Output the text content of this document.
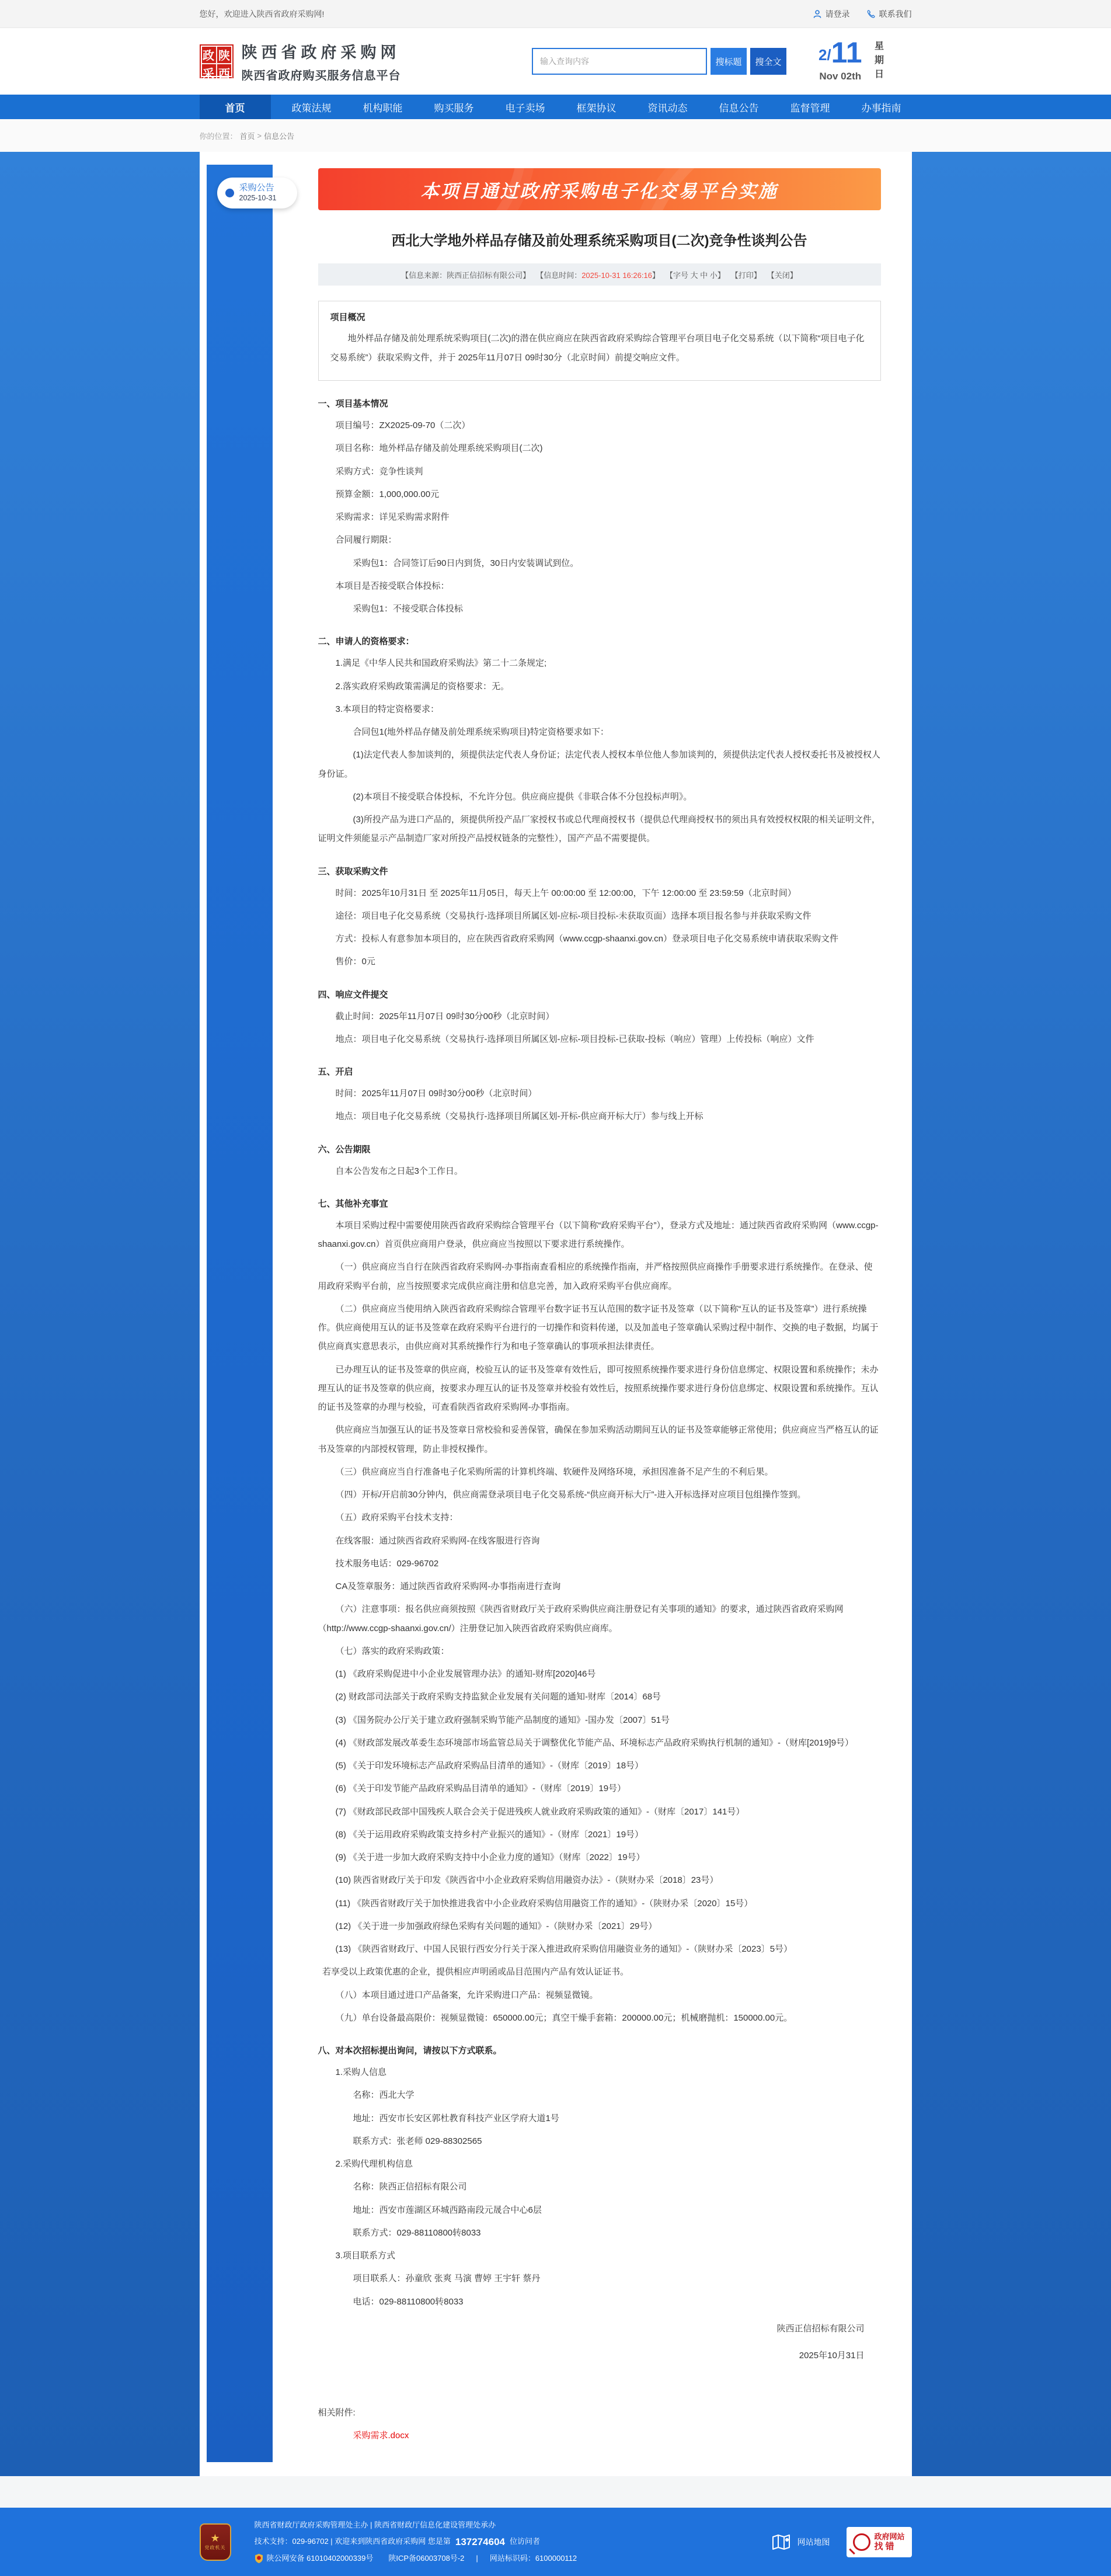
您好，欢迎进入陕西省政府采购网!	请登录	联系我们
政 陕
采 西
陕西省政府采购网
陕西省政府购买服务信息平台
输入查询内容
搜标题	搜全文	2/ 11
Nov 02th 星期日
首页	政策法规	机构职能	购买服务	电子卖场	框架协议	资讯动态	信息公告	监督管理	办事指南
你的位置： 首页 > 信息公告
采购公告
2025-10-31	本项目通过政府采购电子化交易平台实施
西北大学地外样品存储及前处理系统采购项目(二次)竞争性谈判公告
【信息来源：陕西正信招标有限公司】 【信息时间：2025-10-31 16:26:16】 【字号 大 中 小】 【打印】 【关闭】
项目概况
地外样品存储及前处理系统采购项目(二次)的潜在供应商应在陕西省政府采购综合管理平台项目电子化交易系统（以下简称“项目电子化交易系统”）获取采购文件，并于 2025年11月07日 09时30分（北京时间）前提交响应文件。
一、项目基本情况
项目编号：ZX2025-09-70（二次）
项目名称：地外样品存储及前处理系统采购项目(二次)
采购方式：竞争性谈判
预算金额：1,000,000.00元
采购需求：详见采购需求附件
合同履行期限：
采购包1：合同签订后90日内到货，30日内安装调试到位。
本项目是否接受联合体投标：
采购包1：不接受联合体投标
二、申请人的资格要求：
1.满足《中华人民共和国政府采购法》第二十二条规定;
2.落实政府采购政策需满足的资格要求：无。
3.本项目的特定资格要求：
合同包1(地外样品存储及前处理系统采购项目)特定资格要求如下：
(1)法定代表人参加谈判的，须提供法定代表人身份证；法定代表人授权本单位他人参加谈判的，须提供法定代表人授权委托书及被授权人身份证。
(2)本项目不接受联合体投标，不允许分包。供应商应提供《非联合体不分包投标声明》。
(3)所投产品为进口产品的，须提供所投产品厂家授权书或总代理商授权书（提供总代理商授权书的须出具有效授权权限的相关证明文件，证明文件须能显示产品制造厂家对所投产品授权链条的完整性），国产产品不需要提供。
三、获取采购文件
时间：2025年10月31日 至 2025年11月05日，每天上午 00:00:00 至 12:00:00，下午 12:00:00 至 23:59:59（北京时间）
途径：项目电子化交易系统（交易执行-选择项目所属区划-应标-项目投标-未获取页面）选择本项目报名参与并获取采购文件
方式：投标人有意参加本项目的，应在陕西省政府采购网（www.ccgp-shaanxi.gov.cn）登录项目电子化交易系统申请获取采购文件
售价：0元
四、响应文件提交
截止时间：2025年11月07日 09时30分00秒（北京时间）
地点：项目电子化交易系统（交易执行-选择项目所属区划-应标-项目投标-已获取-投标（响应）管理）上传投标（响应）文件
五、开启
时间：2025年11月07日 09时30分00秒（北京时间）
地点：项目电子化交易系统（交易执行-选择项目所属区划-开标-供应商开标大厅）参与线上开标
六、公告期限
自本公告发布之日起3个工作日。
七、其他补充事宜
本项目采购过程中需要使用陕西省政府采购综合管理平台（以下简称“政府采购平台”），登录方式及地址：通过陕西省政府采购网（www.ccgp-shaanxi.gov.cn）首页供应商用户登录，供应商应当按照以下要求进行系统操作。
（一）供应商应当自行在陕西省政府采购网-办事指南查看相应的系统操作指南，并严格按照供应商操作手册要求进行系统操作。在登录、使用政府采购平台前，应当按照要求完成供应商注册和信息完善，加入政府采购平台供应商库。
（二）供应商应当使用纳入陕西省政府采购综合管理平台数字证书互认范围的数字证书及签章（以下简称“互认的证书及签章”）进行系统操作。供应商使用互认的证书及签章在政府采购平台进行的一切操作和资料传递，以及加盖电子签章确认采购过程中制作、交换的电子数据，均属于供应商真实意思表示，由供应商对其系统操作行为和电子签章确认的事项承担法律责任。
已办理互认的证书及签章的供应商，校验互认的证书及签章有效性后，即可按照系统操作要求进行身份信息绑定、权限设置和系统操作；未办理互认的证书及签章的供应商，按要求办理互认的证书及签章并校验有效性后，按照系统操作要求进行身份信息绑定、权限设置和系统操作。互认的证书及签章的办理与校验，可查看陕西省政府采购网-办事指南。
供应商应当加强互认的证书及签章日常校验和妥善保管，确保在参加采购活动期间互认的证书及签章能够正常使用；供应商应当严格互认的证书及签章的内部授权管理，防止非授权操作。
（三）供应商应当自行准备电子化采购所需的计算机终端、软硬件及网络环境，承担因准备不足产生的不利后果。
（四）开标/开启前30分钟内，供应商需登录项目电子化交易系统-“供应商开标大厅”-进入开标选择对应项目包组操作签到。
（五）政府采购平台技术支持：
在线客服：通过陕西省政府采购网-在线客服进行咨询
技术服务电话：029-96702
CA及签章服务：通过陕西省政府采购网-办事指南进行查询
（六）注意事项：报名供应商须按照《陕西省财政厅关于政府采购供应商注册登记有关事项的通知》的要求，通过陕西省政府采购网（http://www.ccgp-shaanxi.gov.cn/）注册登记加入陕西省政府采购供应商库。
（七）落实的政府采购政策：
(1) 《政府采购促进中小企业发展管理办法》的通知-财库[2020]46号
(2) 财政部司法部关于政府采购支持监狱企业发展有关问题的通知-财库〔2014〕68号
(3) 《国务院办公厅关于建立政府强制采购节能产品制度的通知》-国办发〔2007〕51号
(4) 《财政部发展改革委生态环境部市场监管总局关于调整优化节能产品、环境标志产品政府采购执行机制的通知》-（财库[2019]9号）
(5) 《关于印发环境标志产品政府采购品目清单的通知》-（财库〔2019〕18号）
(6) 《关于印发节能产品政府采购品目清单的通知》-（财库〔2019〕19号）
(7) 《财政部民政部中国残疾人联合会关于促进残疾人就业政府采购政策的通知》-（财库〔2017〕141号）
(8) 《关于运用政府采购政策支持乡村产业振兴的通知》-（财库〔2021〕19号）
(9) 《关于进一步加大政府采购支持中小企业力度的通知》（财库〔2022〕19号）
(10) 陕西省财政厅关于印发《陕西省中小企业政府采购信用融资办法》-（陕财办采〔2018〕23号）
(11) 《陕西省财政厅关于加快推进我省中小企业政府采购信用融资工作的通知》-（陕财办采〔2020〕15号）
(12) 《关于进一步加强政府绿色采购有关问题的通知》-（陕财办采〔2021〕29号）
(13) 《陕西省财政厅、中国人民银行西安分行关于深入推进政府采购信用融资业务的通知》-（陕财办采〔2023〕5号）
若享受以上政策优惠的企业，提供相应声明函或品目范围内产品有效认证证书。
（八）本项目通过进口产品备案，允许采购进口产品：视频显微镜。
（九）单台设备最高限价：视频显微镜：650000.00元；真空干燥手套箱：200000.00元；机械磨抛机：150000.00元。
八、对本次招标提出询问，请按以下方式联系。
1.采购人信息
名称：西北大学
地址：西安市长安区郭杜教育科技产业区学府大道1号
联系方式：张老师 029-88302565
2.采购代理机构信息
名称：陕西正信招标有限公司
地址：西安市莲湖区环城西路南段元晟合中心6层
联系方式：029-88110800转8033
3.项目联系方式
项目联系人：孙童欣 张爽 马演 曹婷 王宇轩 蔡丹
电话：029-88110800转8033
陕西正信招标有限公司
2025年10月31日
相关附件:
采购需求.docx
★
党政机关
陕西省财政厅政府采购管理处主办 | 陕西省财政厅信息化建设管理处承办
技术支持：029-96702 | 欢迎来到陕西省政府采购网 您是第 137274604 位访问者
陕公网安备 61010402000339号 陕ICP备06003708号-2 | 网站标识码：6100000112
网站地图
政府网站
找错
